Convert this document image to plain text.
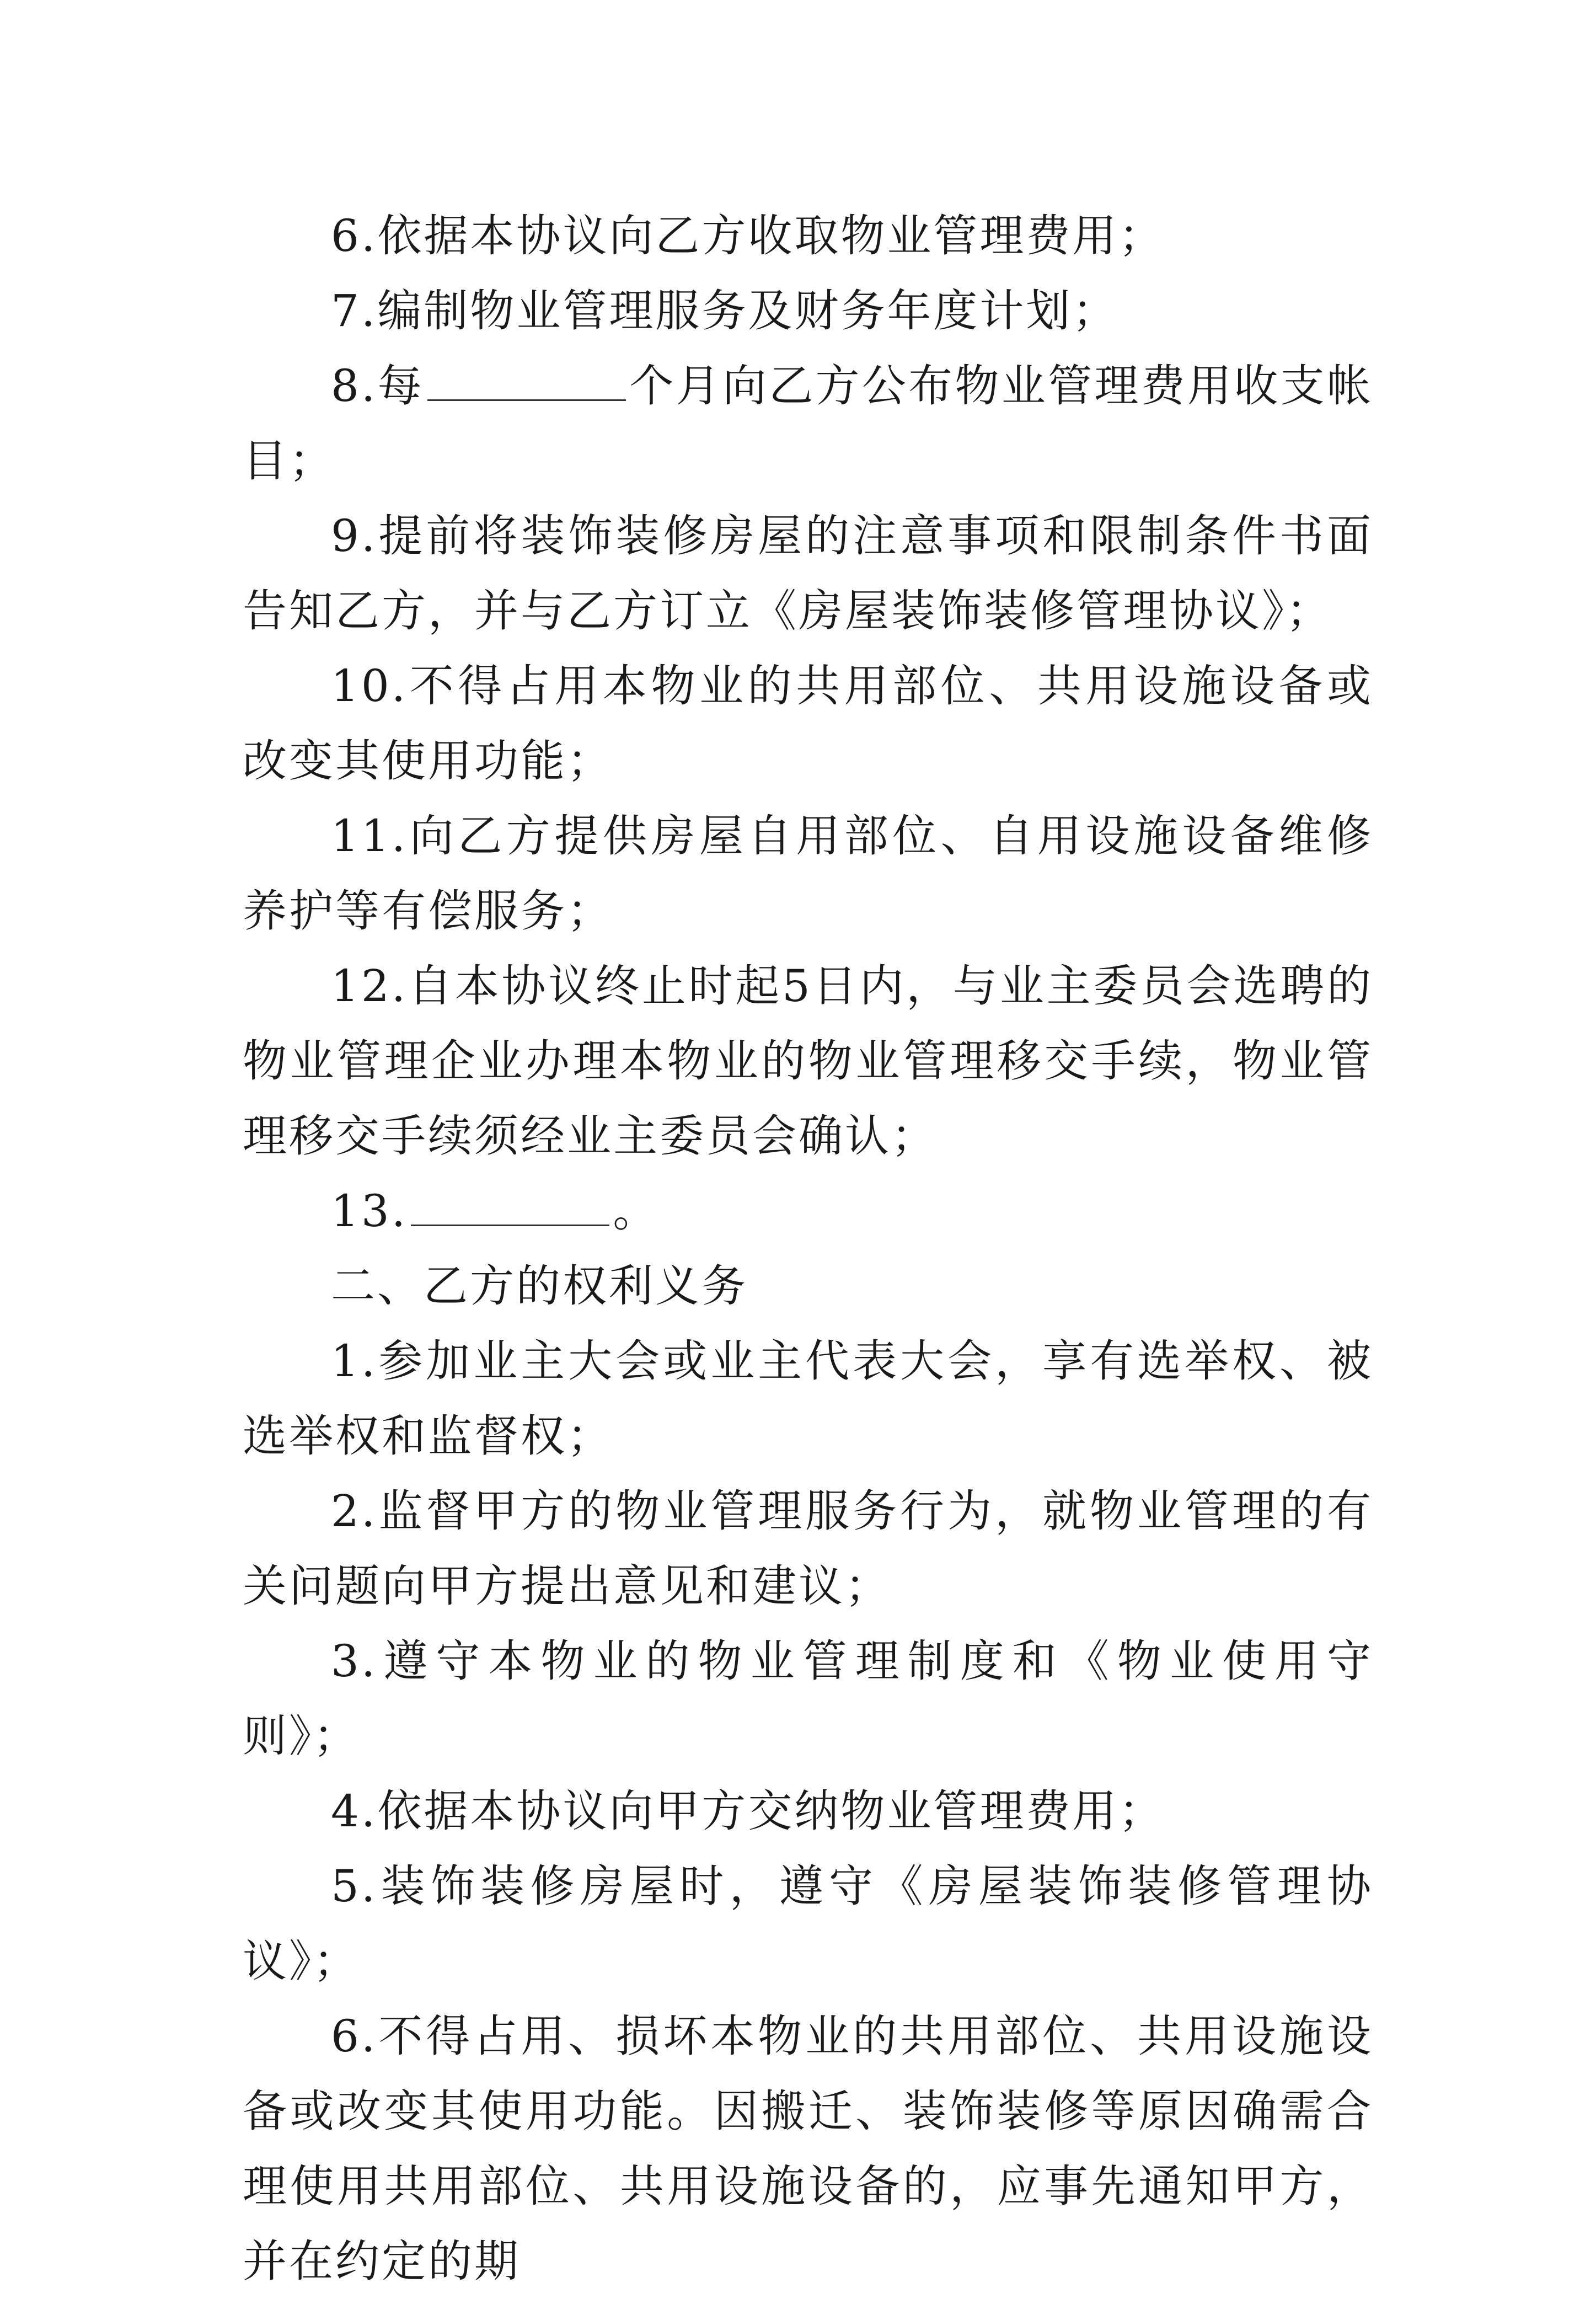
6.依据本协议向乙方收取物业管理费用；

7.编制物业管理服务及财务年度计划；

8.每	个月向乙方公布物业管理费用收支帐目；

9.提前将装饰装修房屋的注意事项和限制条件书面告知乙方，并与乙方订立《房屋装饰装修管理协议》；

10.不得占用本物业的共用部位、共用设施设备或改变其使用功能；

11.向乙方提供房屋自用部位、自用设施设备维修养护等有偿服务；

12.自本协议终止时起5日内，与业主委员会选聘的物业管理企业办理本物业的物业管理移交手续，物业管理移交手续须经业主委员会确认；

13.	。

二、乙方的权利义务

1.参加业主大会或业主代表大会，享有选举权、被选举权和监督权；

2.监督甲方的物业管理服务行为，就物业管理的有关问题向甲方提出意见和建议；

3.遵守本物业的物业管理制度和《物业使用守则》；

4.依据本协议向甲方交纳物业管理费用；

5.装饰装修房屋时，遵守《房屋装饰装修管理协议》；

6.不得占用、损坏本物业的共用部位、共用设施设备或改变其使用功能。因搬迁、装饰装修等原因确需合理使用共用部位、共用设施设备的，应事先通知甲方，并在约定的期
